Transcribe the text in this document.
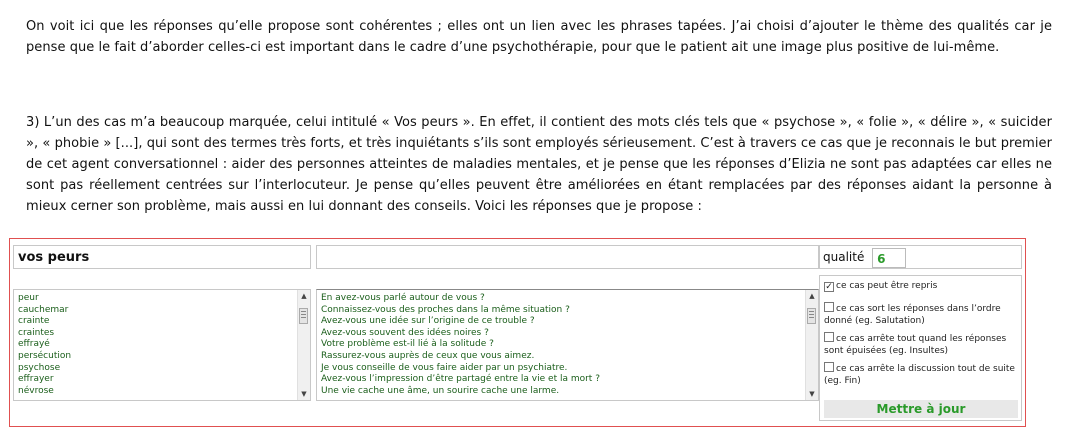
On voit ici que les réponses qu’elle propose sont cohérentes ; elles ont un lien avec les phrases tapées. J’ai choisi d’ajouter le thème des qualités car je pense que le fait d’aborder celles-ci est important dans le cadre d’une psychothérapie, pour que le patient ait une image plus positive de lui-même.
3) L’un des cas m’a beaucoup marquée, celui intitulé « Vos peurs ». En effet, il contient des mots clés tels que « psychose », « folie », « délire », « suicider », « phobie » [...], qui sont des termes très forts, et très inquiétants s’ils sont employés sérieusement. C’est à travers ce cas que je reconnais le but premier de cet agent conversationnel : aider des personnes atteintes de maladies mentales, et je pense que les réponses d’Elizia ne sont pas adaptées car elles ne sont pas réellement centrées sur l’interlocuteur. Je pense qu’elles peuvent être améliorées en étant remplacées par des réponses aidant la personne à mieux cerner son problème, mais aussi en lui donnant des conseils. Voici les réponses que je propose :
vos peurs	qualité 6
peur
cauchemar
crainte
craintes
effrayé
persécution
psychose
effrayer
névrose
▲
▼
En avez-vous parlé autour de vous ?
Connaissez-vous des proches dans la même situation ?
Avez-vous une idée sur l’origine de ce trouble ?
Avez-vous souvent des idées noires ?
Votre problème est-il lié à la solitude ?
Rassurez-vous auprès de ceux que vous aimez.
Je vous conseille de vous faire aider par un psychiatre.
Avez-vous l’impression d’être partagé entre la vie et la mort ?
Une vie cache une âme, un sourire cache une larme.
▲
▼
✓ ce cas peut être repris
ce cas sort les réponses dans l’ordre donné (eg. Salutation)
ce cas arrête tout quand les réponses sont épuisées (eg. Insultes)
ce cas arrête la discussion tout de suite (eg. Fin)
Mettre à jour
